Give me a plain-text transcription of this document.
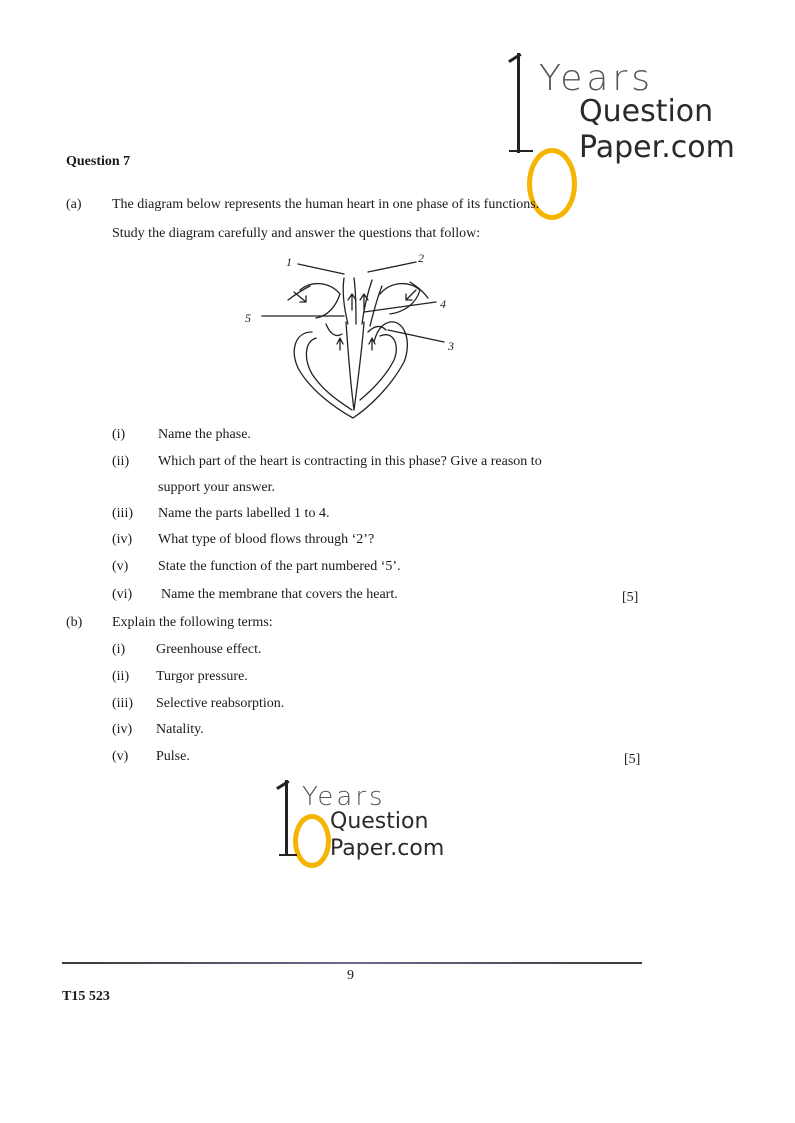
Years
Question
Paper.com
Question 7
(a) The diagram below represents the human heart in one phase of its functions.
Study the diagram carefully and answer the questions that follow:
1	2
4
5
3
(i) Name the phase.
(ii) Which part of the heart is contracting in this phase? Give a reason to
support your answer.
(iii) Name the parts labelled 1 to 4.
(iv) What type of blood flows through ‘2’?
(v) State the function of the part numbered ‘5’.
(vi) Name the membrane that covers the heart.	[5]
(b) Explain the following terms:
(i) Greenhouse effect.
(ii) Turgor pressure.
(iii) Selective reabsorption.
(iv) Natality.
(v) Pulse.	[5]
Years
Question
Paper.com
9
T15 523
